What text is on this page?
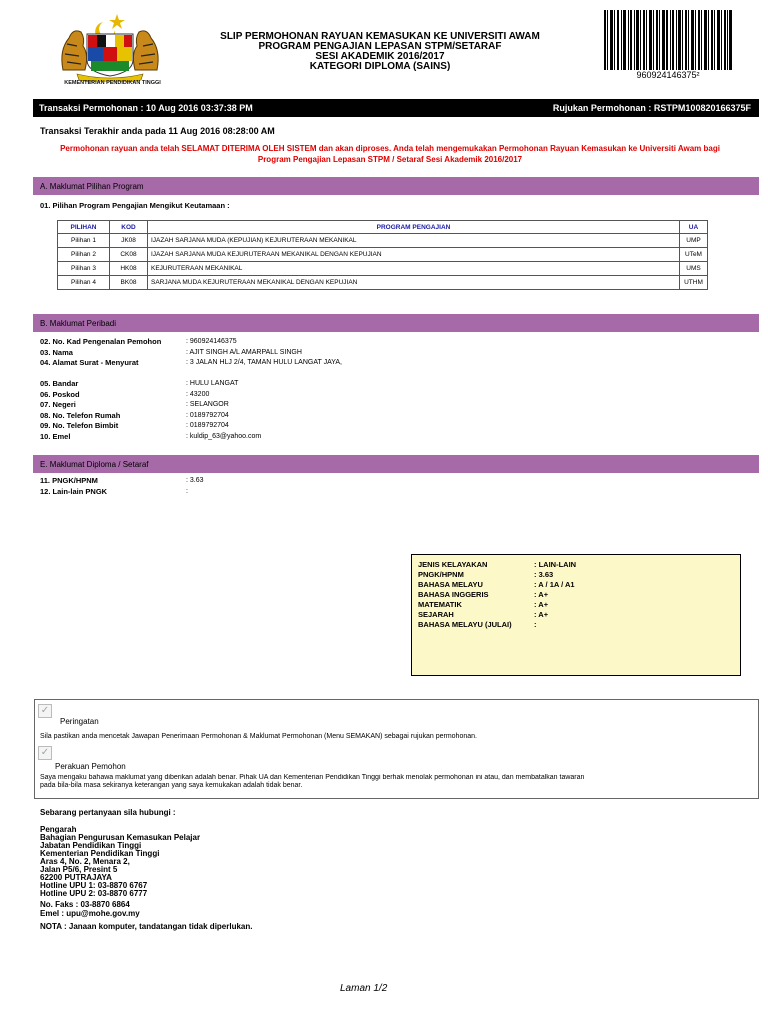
KEMENTERIAN PENDIDIKAN TINGGI
SLIP PERMOHONAN RAYUAN KEMASUKAN KE UNIVERSITI AWAM
PROGRAM PENGAJIAN LEPASAN STPM/SETARAF
SESI AKADEMIK 2016/2017
KATEGORI DIPLOMA (SAINS)
960924146375²
Transaksi Permohonan : 10 Aug 2016 03:37:38 PM	Rujukan Permohonan : RSTPM100820166375F
Transaksi Terakhir anda pada 11 Aug 2016 08:28:00 AM
Permohonan rayuan anda telah SELAMAT DITERIMA OLEH SISTEM dan akan diproses. Anda telah mengemukakan Permohonan Rayuan Kemasukan ke Universiti Awam bagi Program Pengajian Lepasan STPM / Setaraf Sesi Akademik 2016/2017
A. Maklumat Pilihan Program
01. Pilihan Program Pengajian Mengikut Keutamaan :
PILIHAN	KOD	PROGRAM PENGAJIAN	UA
Pilihan 1	JK08	IJAZAH SARJANA MUDA (KEPUJIAN) KEJURUTERAAN MEKANIKAL	UMP
Pilihan 2	CK08	IJAZAH SARJANA MUDA KEJURUTERAAN MEKANIKAL DENGAN KEPUJIAN	UTeM
Pilihan 3	HK08	KEJURUTERAAN MEKANIKAL	UMS
Pilihan 4	BK08	SARJANA MUDA KEJURUTERAAN MEKANIKAL DENGAN KEPUJIAN	UTHM
B. Maklumat Peribadi
02. No. Kad Pengenalan Pemohon	: 960924146375
03. Nama	: AJIT SINGH A/L AMARPALL SINGH
04. Alamat Surat - Menyurat	: 3 JALAN HLJ 2/4, TAMAN HULU LANGAT JAYA,
05. Bandar	: HULU LANGAT
06. Poskod	: 43200
07. Negeri	: SELANGOR
08. No. Telefon Rumah	: 0189792704
09. No. Telefon Bimbit	: 0189792704
10. Emel	: kuldip_63@yahoo.com
E. Maklumat Diploma / Setaraf
11. PNGK/HPNM	: 3.63
12. Lain-lain PNGK	:
JENIS KELAYAKAN	: LAIN-LAIN
PNGK/HPNM	: 3.63
BAHASA MELAYU	: A / 1A / A1
BAHASA INGGERIS	: A+
MATEMATIK	: A+
SEJARAH	: A+
BAHASA MELAYU (JULAI)	:
✓
Peringatan
Sila pastikan anda mencetak Jawapan Penerimaan Permohonan & Maklumat Permohonan (Menu SEMAKAN) sebagai rujukan permohonan.
✓
Perakuan Pemohon
Saya mengaku bahawa maklumat yang diberikan adalah benar. Pihak UA dan Kementerian Pendidikan Tinggi berhak menolak permohonan ini atau, dan membatalkan tawaran
pada bila-bila masa sekiranya keterangan yang saya kemukakan adalah tidak benar.
Sebarang pertanyaan sila hubungi :
Pengarah
Bahagian Pengurusan Kemasukan Pelajar
Jabatan Pendidikan Tinggi
Kementerian Pendidikan Tinggi
Aras 4, No. 2, Menara 2,
Jalan P5/6, Presint 5
62200 PUTRAJAYA
Hotline UPU 1: 03-8870 6767
Hotline UPU 2: 03-8870 6777
No. Faks : 03-8870 6864
Emel : upu@mohe.gov.my
NOTA : Janaan komputer, tandatangan tidak diperlukan.
Laman 1/2
